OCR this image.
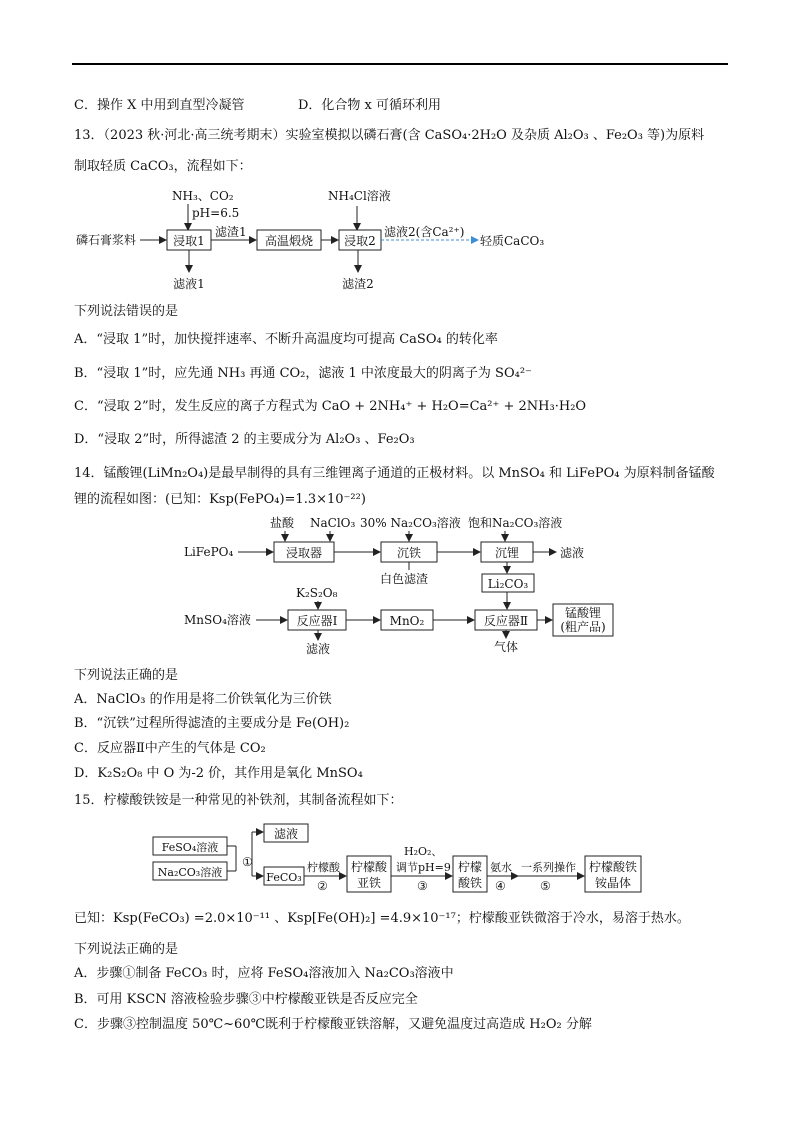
C．操作 X 中用到直型冷凝管	D．化合物 x 可循环利用
13．（2023 秋·河北·高三统考期末）实验室模拟以磷石膏(含 CaSO₄·2H₂O 及杂质 Al₂O₃ 、Fe₂O₃ 等)为原料
制取轻质 CaCO₃，流程如下：
磷石膏浆料
NH₃、CO₂
pH=6.5
浸取1
滤渣1
高温煅烧
NH₄Cl溶液
浸取2
滤液2(含Ca²⁺)
轻质CaCO₃
滤液1	滤渣2
下列说法错误的是
A．“浸取 1”时，加快搅拌速率、不断升高温度均可提高 CaSO₄ 的转化率
B．“浸取 1”时，应先通 NH₃ 再通 CO₂，滤液 1 中浓度最大的阴离子为 SO₄²⁻
C．“浸取 2”时，发生反应的离子方程式为 CaO + 2NH₄⁺ + H₂O=Ca²⁺ + 2NH₃·H₂O
D．“浸取 2”时，所得滤渣 2 的主要成分为 Al₂O₃ 、Fe₂O₃
14．锰酸锂(LiMn₂O₄)是最早制得的具有三维锂离子通道的正极材料。以 MnSO₄ 和 LiFePO₄ 为原料制备锰酸
锂的流程如图：(已知：Ksp(FePO₄)=1.3×10⁻²²)
盐酸 NaClO₃ 30% Na₂CO₃溶液 饱和Na₂CO₃溶液
LiFePO₄	浸取器	沉铁	沉锂	滤液
白色滤渣	Li₂CO₃
K₂S₂O₈
MnSO₄溶液	反应器Ⅰ	MnO₂	反应器Ⅱ
锰酸锂
(粗产品)
滤液	气体
下列说法正确的是
A．NaClO₃ 的作用是将二价铁氧化为三价铁
B．“沉铁”过程所得滤渣的主要成分是 Fe(OH)₂
C．反应器Ⅱ中产生的气体是 CO₂
D．K₂S₂O₈ 中 O 为-2 价，其作用是氧化 MnSO₄
15．柠檬酸铁铵是一种常见的补铁剂，其制备流程如下：
FeSO₄溶液
Na₂CO₃溶液
①
滤液
FeCO₃
柠檬酸
②
柠檬酸
亚铁
H₂O₂、
调节pH=9
③
柠檬
酸铁
氨水
④
一系列操作
⑤
柠檬酸铁
铵晶体
已知：Ksp(FeCO₃) =2.0×10⁻¹¹ 、Ksp[Fe(OH)₂] =4.9×10⁻¹⁷；柠檬酸亚铁微溶于冷水，易溶于热水。
下列说法正确的是
A．步骤①制备 FeCO₃ 时，应将 FeSO₄溶液加入 Na₂CO₃溶液中
B．可用 KSCN 溶液检验步骤③中柠檬酸亚铁是否反应完全
C．步骤③控制温度 50℃~60℃既利于柠檬酸亚铁溶解，又避免温度过高造成 H₂O₂ 分解
